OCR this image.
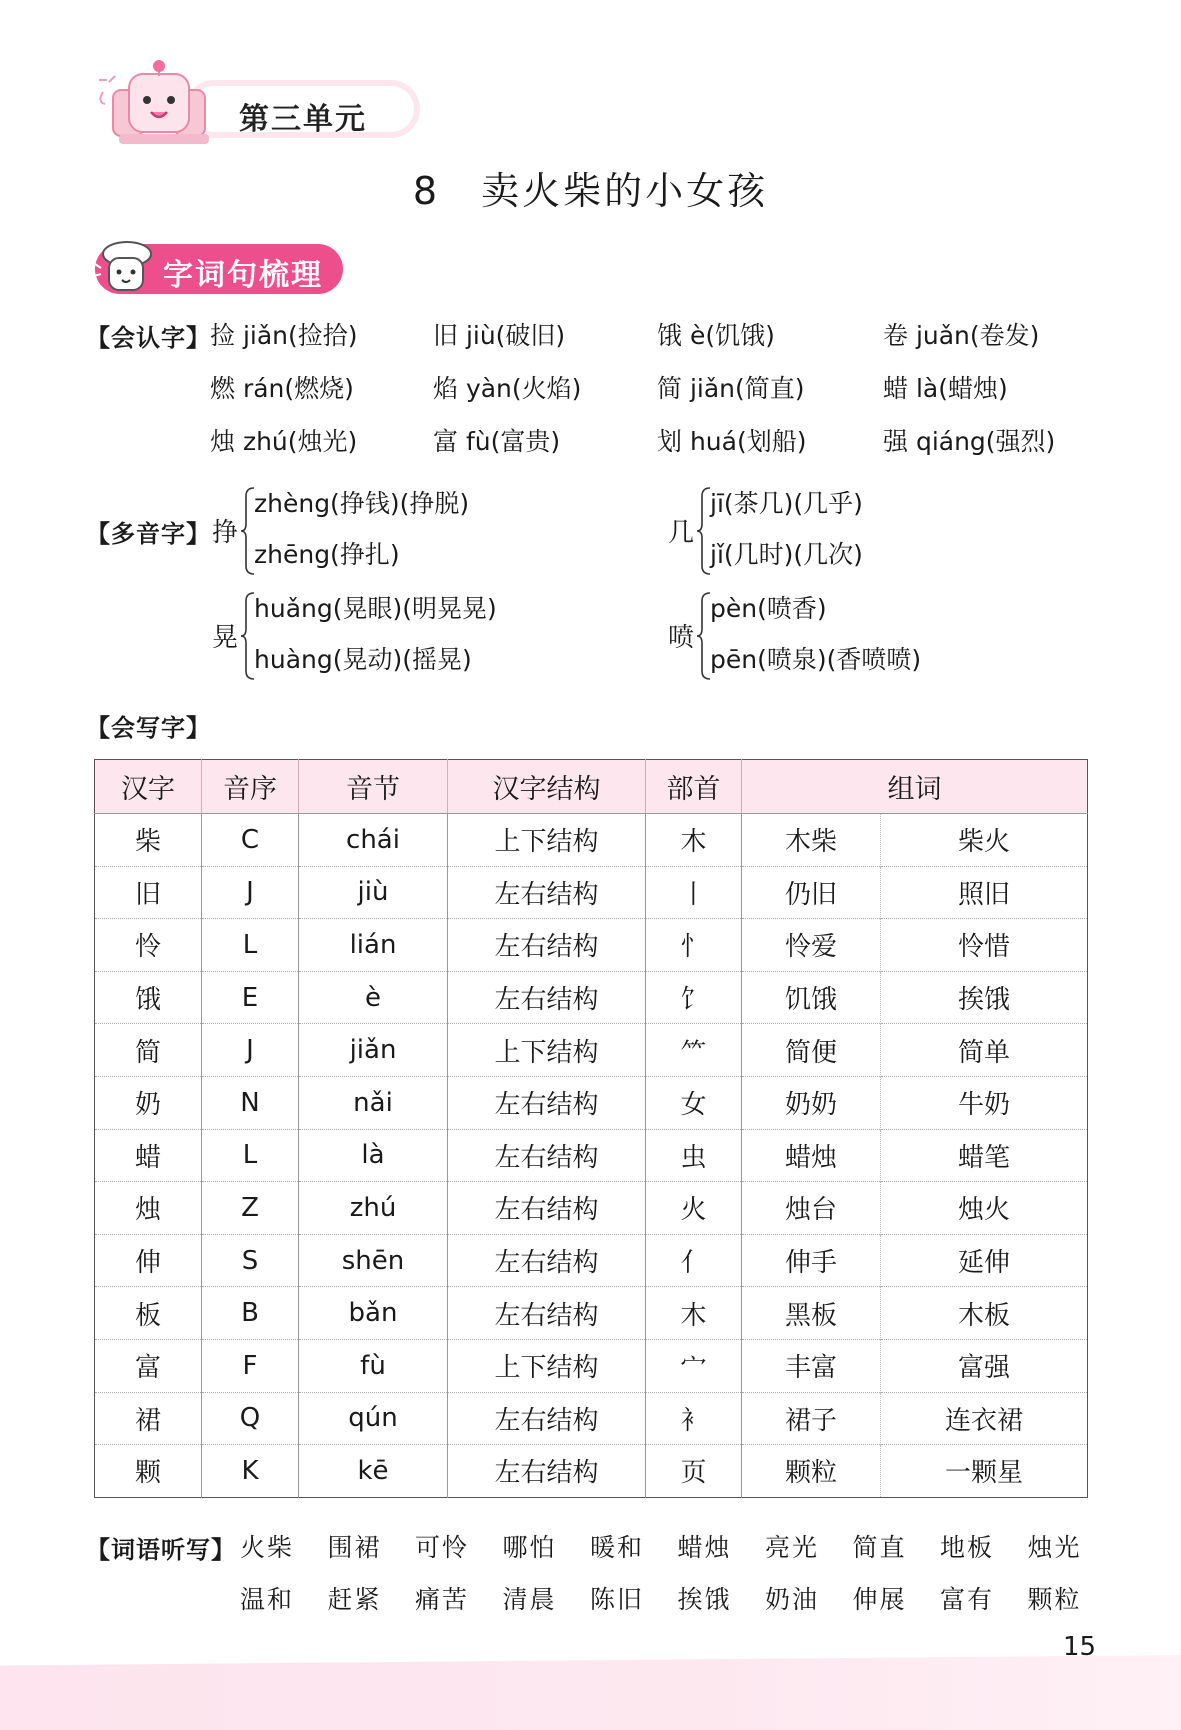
第三单元
8　卖火柴的小女孩
字词句梳理
【会认字】 捡 jiǎn(捡拾)	旧 jiù(破旧)	饿 è(饥饿)	卷 juǎn(卷发)
燃 rán(燃烧)	焰 yàn(火焰)	简 jiǎn(简直)	蜡 là(蜡烛)
烛 zhú(烛光)	富 fù(富贵)	划 huá(划船)	强 qiáng(强烈)
【多音字】 挣
zhèng(挣钱)(挣脱)
zhēng(挣扎)
几
jī(茶几)(几乎)
jǐ(几时)(几次)
晃
huǎng(晃眼)(明晃晃)
huàng(晃动)(摇晃)
喷
pèn(喷香)
pēn(喷泉)(香喷喷)
【会写字】
汉字	音序	音节	汉字结构	部首	组词	
柴	C	chái	上下结构	木	木柴	柴火
旧	J	jiù	左右结构	丨	仍旧	照旧
怜	L	lián	左右结构	忄	怜爱	怜惜
饿	E	è	左右结构	饣	饥饿	挨饿
简	J	jiǎn	上下结构	⺮	简便	简单
奶	N	nǎi	左右结构	女	奶奶	牛奶
蜡	L	là	左右结构	虫	蜡烛	蜡笔
烛	Z	zhú	左右结构	火	烛台	烛火
伸	S	shēn	左右结构	亻	伸手	延伸
板	B	bǎn	左右结构	木	黑板	木板
富	F	fù	上下结构	宀	丰富	富强
裙	Q	qún	左右结构	衤	裙子	连衣裙
颗	K	kē	左右结构	页	颗粒	一颗星
【词语听写】 火柴 围裙 可怜 哪怕 暖和 蜡烛 亮光 简直 地板 烛光
温和 赶紧 痛苦 清晨 陈旧 挨饿 奶油 伸展 富有 颗粒
15
